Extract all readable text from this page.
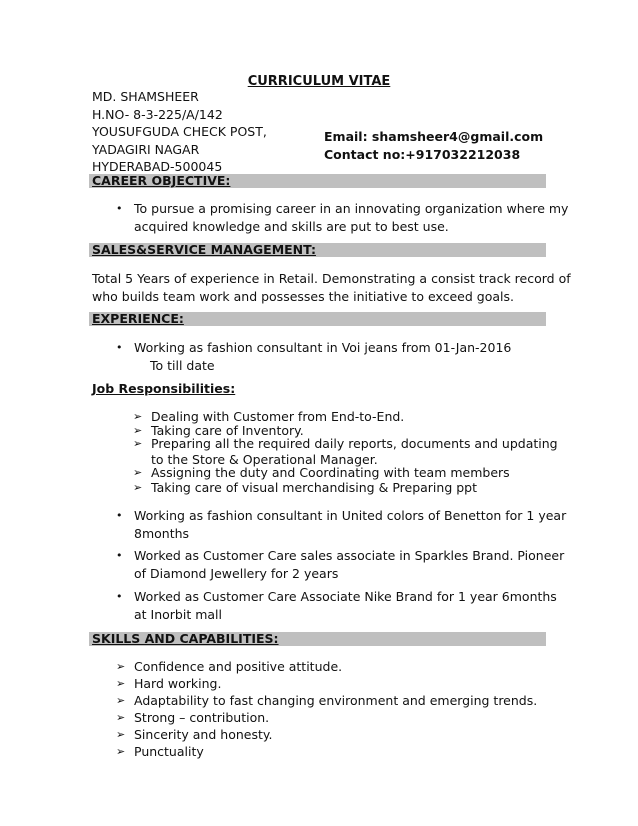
CURRICULUM VITAE
MD. SHAMSHEER
H.NO- 8-3-225/A/142
YOUSUFGUDA CHECK POST,
YADAGIRI NAGAR
HYDERABAD-500045
Email: shamsheer4@gmail.com
Contact no:+917032212038
CAREER OBJECTIVE:
• To pursue a promising career in an innovating organization where my
acquired knowledge and skills are put to best use.
SALES&SERVICE MANAGEMENT:
Total 5 Years of experience in Retail. Demonstrating a consist track record of
who builds team work and possesses the initiative to exceed goals.
EXPERIENCE:
• Working as fashion consultant in Voi jeans from 01-Jan-2016
To till date
Job Responsibilities:
➢ Dealing with Customer from End-to-End.
➢ Taking care of Inventory.
➢ Preparing all the required daily reports, documents and updating
to the Store & Operational Manager.
➢ Assigning the duty and Coordinating with team members
➢ Taking care of visual merchandising & Preparing ppt
• Working as fashion consultant in United colors of Benetton for 1 year
8months
• Worked as Customer Care sales associate in Sparkles Brand. Pioneer
of Diamond Jewellery for 2 years
• Worked as Customer Care Associate Nike Brand for 1 year 6months
at Inorbit mall
SKILLS AND CAPABILITIES:
➢ Confidence and positive attitude.
➢ Hard working.
➢ Adaptability to fast changing environment and emerging trends.
➢ Strong – contribution.
➢ Sincerity and honesty.
➢ Punctuality
